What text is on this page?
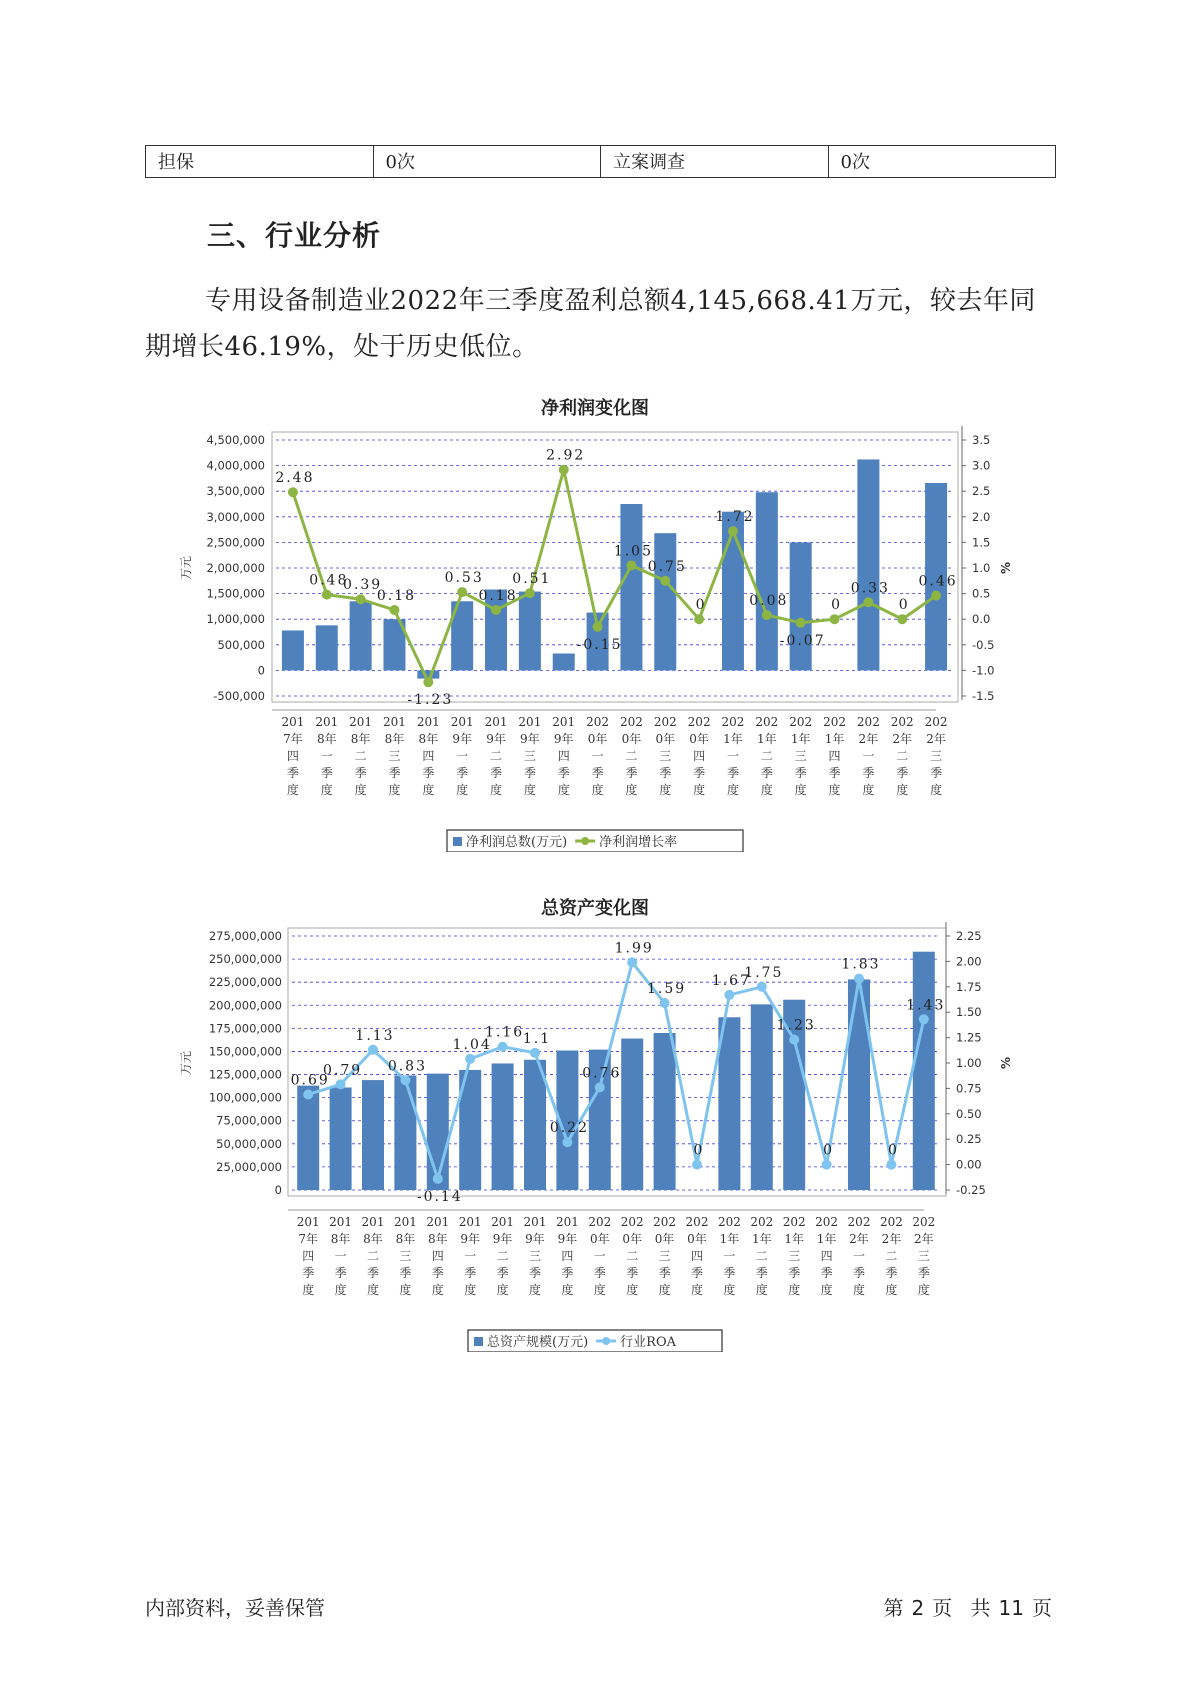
担保	0次	立案调查	0次
三、行业分析
专用设备制造业2022年三季度盈利总额4,145,668.41万元，较去年同期增长46.19%，处于历史低位。
净利润变化图
4,500,000
4,000,000
3,500,000
3,000,000
2,500,000
2,000,000
1,500,000
1,000,000
500,000
0
-500,000
3.5
3.0
2.5
2.0
1.5
1.0
0.5
0.0
-0.5
-1.0
-1.5
万元	%
2.48
0.48
0.39
0.18
-1.23
0.53
0.18
0.51
2.92
-0.15
1.05
0.75
0
1.72
0.08
-0.07
0
0.33
0
0.46
201
7年
四
季
度
201
8年
一
季
度
201
8年
二
季
度
201
8年
三
季
度
201
8年
四
季
度
201
9年
一
季
度
201
9年
二
季
度
201
9年
三
季
度
201
9年
四
季
度
202
0年
一
季
度
202
0年
二
季
度
202
0年
三
季
度
202
0年
四
季
度
202
1年
一
季
度
202
1年
二
季
度
202
1年
三
季
度
202
1年
四
季
度
202
2年
一
季
度
202
2年
二
季
度
202
2年
三
季
度
净利润总数(万元) 净利润增长率
总资产变化图
275,000,000
250,000,000
225,000,000
200,000,000
175,000,000
150,000,000
125,000,000
100,000,000
75,000,000
50,000,000
25,000,000
0
2.25
2.00
1.75
1.50
1.25
1.00
0.75
0.50
0.25
0.00
-0.25
万元	%
0.69
0.79
1.13
0.83
-0.14
1.04
1.16
1.1
0.22
0.76
1.99
1.59
0
1.67
1.75
1.23
0
1.83
0
1.43
201
7年
四
季
度
201
8年
一
季
度
201
8年
二
季
度
201
8年
三
季
度
201
8年
四
季
度
201
9年
一
季
度
201
9年
二
季
度
201
9年
三
季
度
201
9年
四
季
度
202
0年
一
季
度
202
0年
二
季
度
202
0年
三
季
度
202
0年
四
季
度
202
1年
一
季
度
202
1年
二
季
度
202
1年
三
季
度
202
1年
四
季
度
202
2年
一
季
度
202
2年
二
季
度
202
2年
三
季
度
总资产规模(万元) 行业ROA
内部资料，妥善保管	第 2 页 共 11 页
